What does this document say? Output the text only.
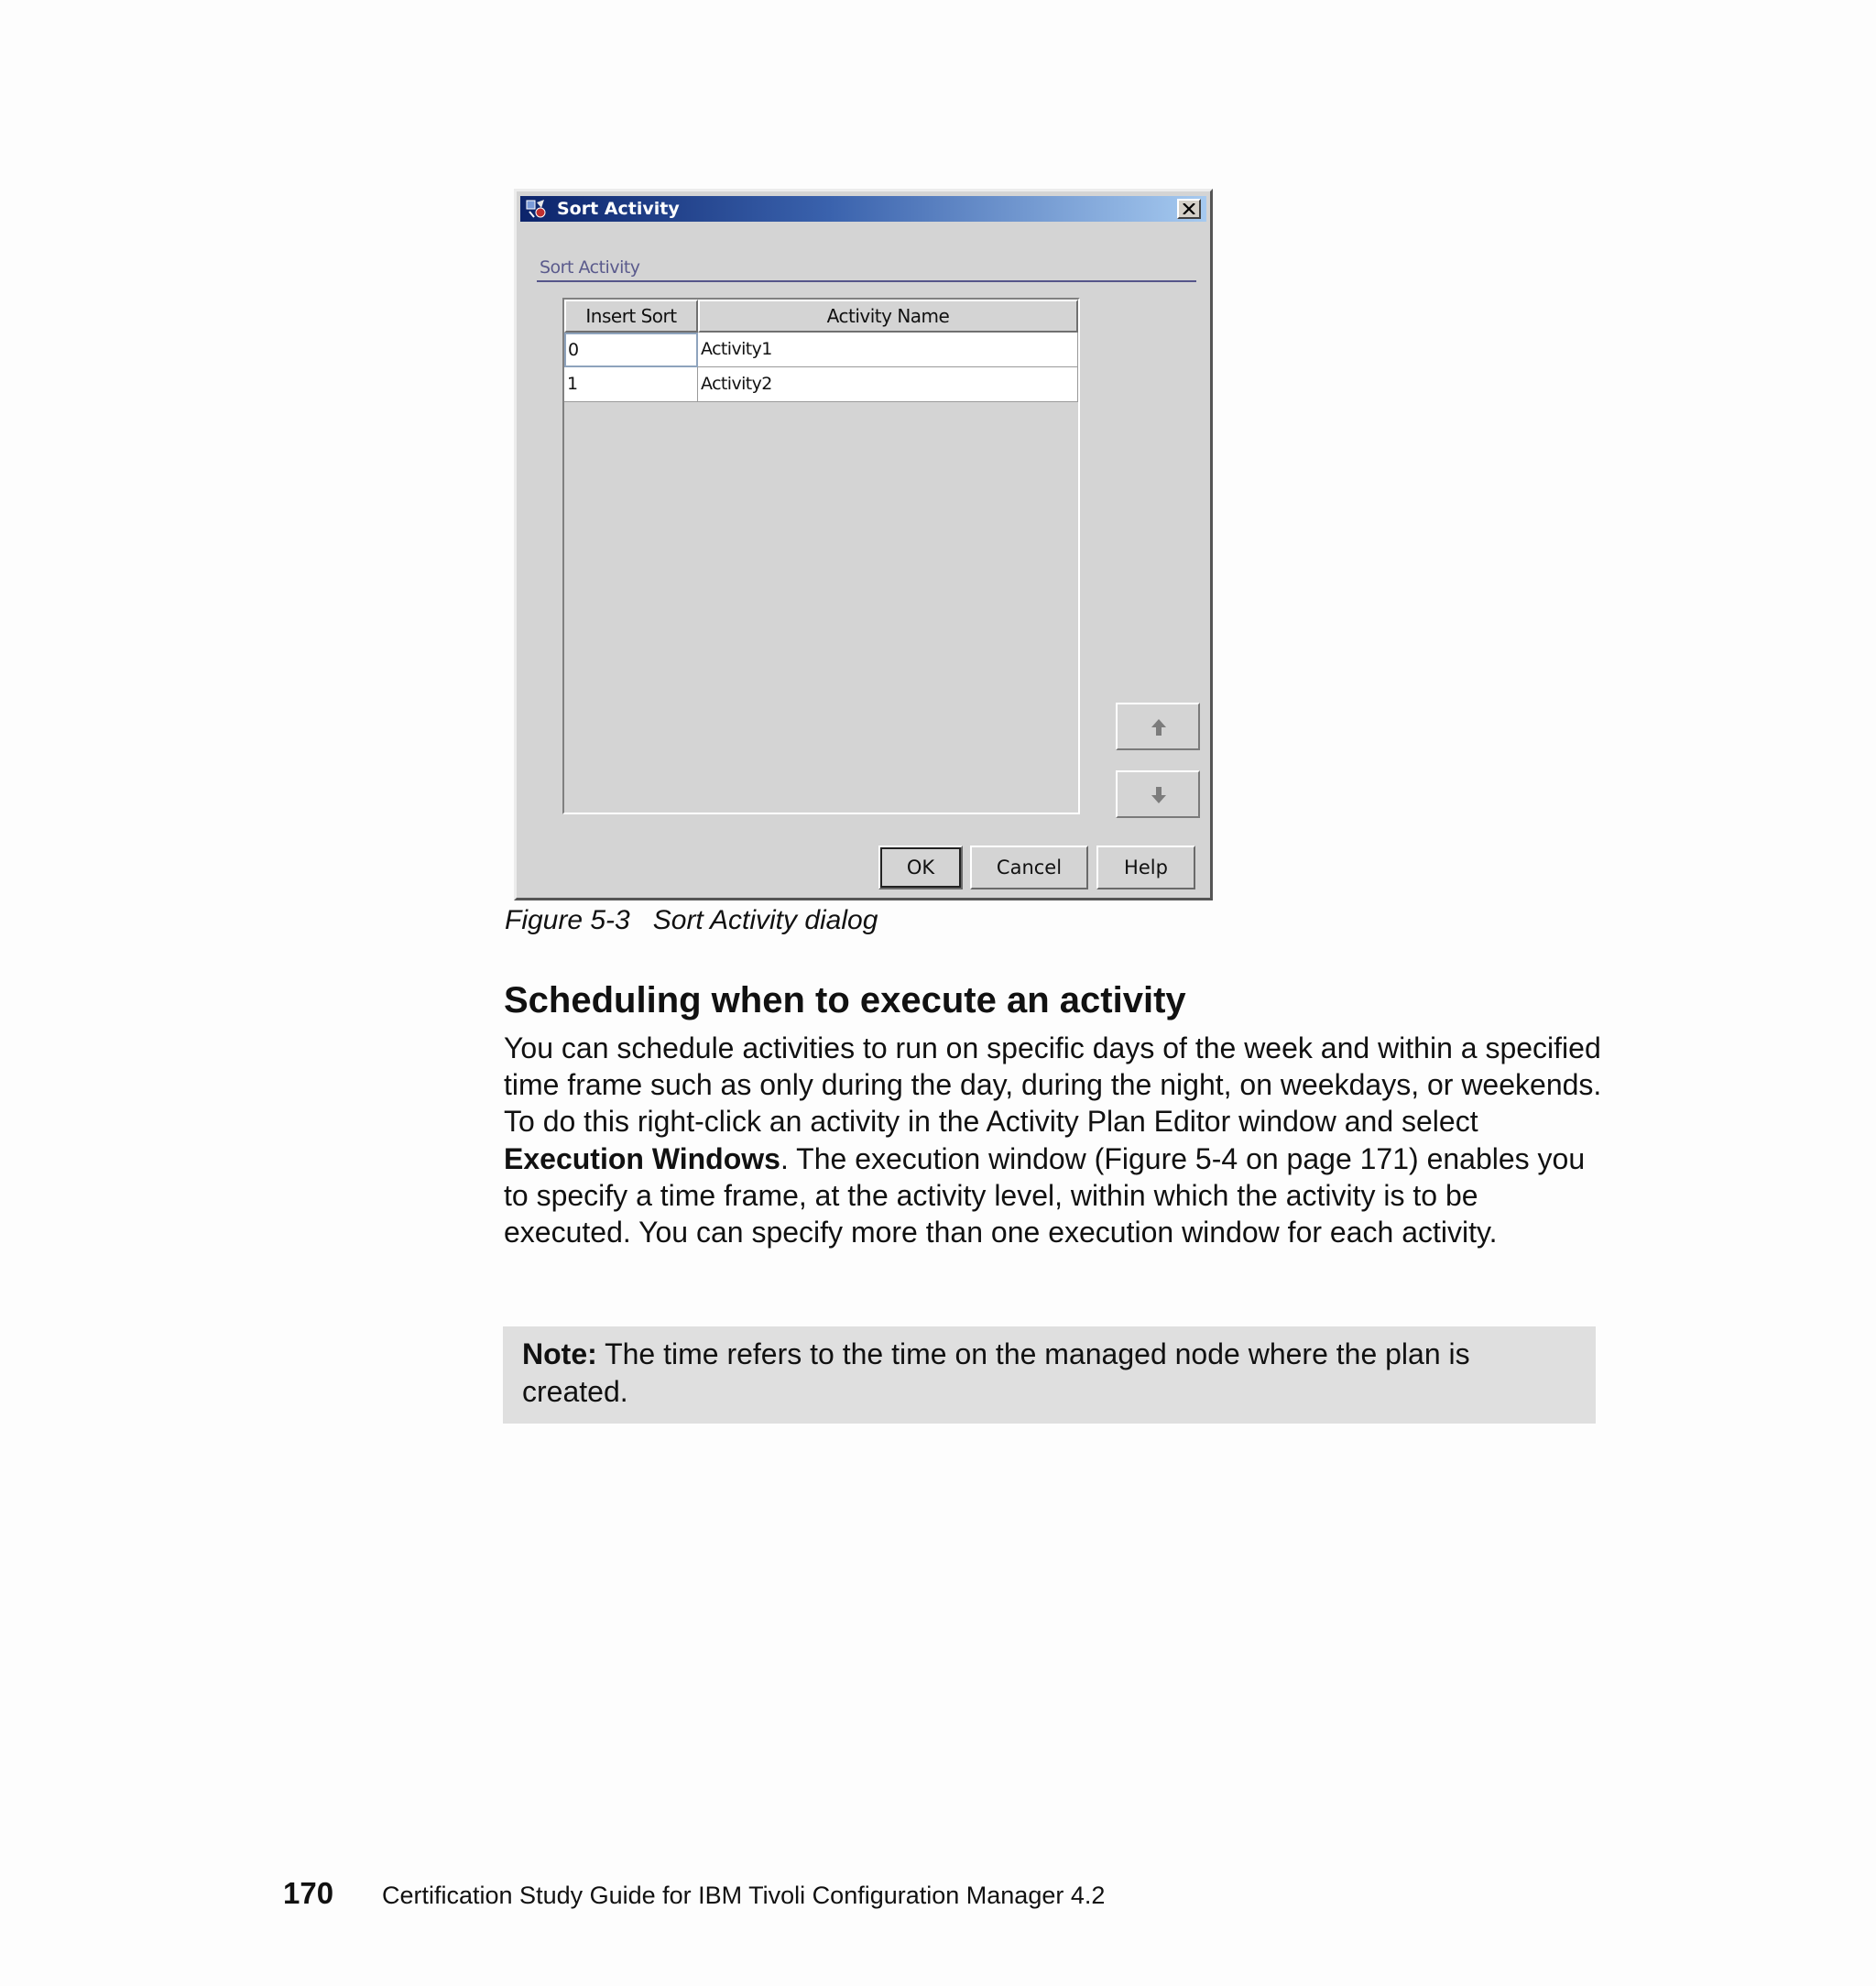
Sort Activity
Sort Activity
Insert Sort	Activity Name
0	Activity1
1	Activity2
OK	Cancel	Help
Figure 5-3 Sort Activity dialog
Scheduling when to execute an activity
You can schedule activities to run on specific days of the week and within a specified time frame such as only during the day, during the night, on weekdays, or weekends. To do this right-click an activity in the Activity Plan Editor window and select Execution Windows. The execution window (Figure 5-4 on page 171) enables you to specify a time frame, at the activity level, within which the activity is to be executed. You can specify more than one execution window for each activity.
Note: The time refers to the time on the managed node where the plan is created.
170 Certification Study Guide for IBM Tivoli Configuration Manager 4.2
